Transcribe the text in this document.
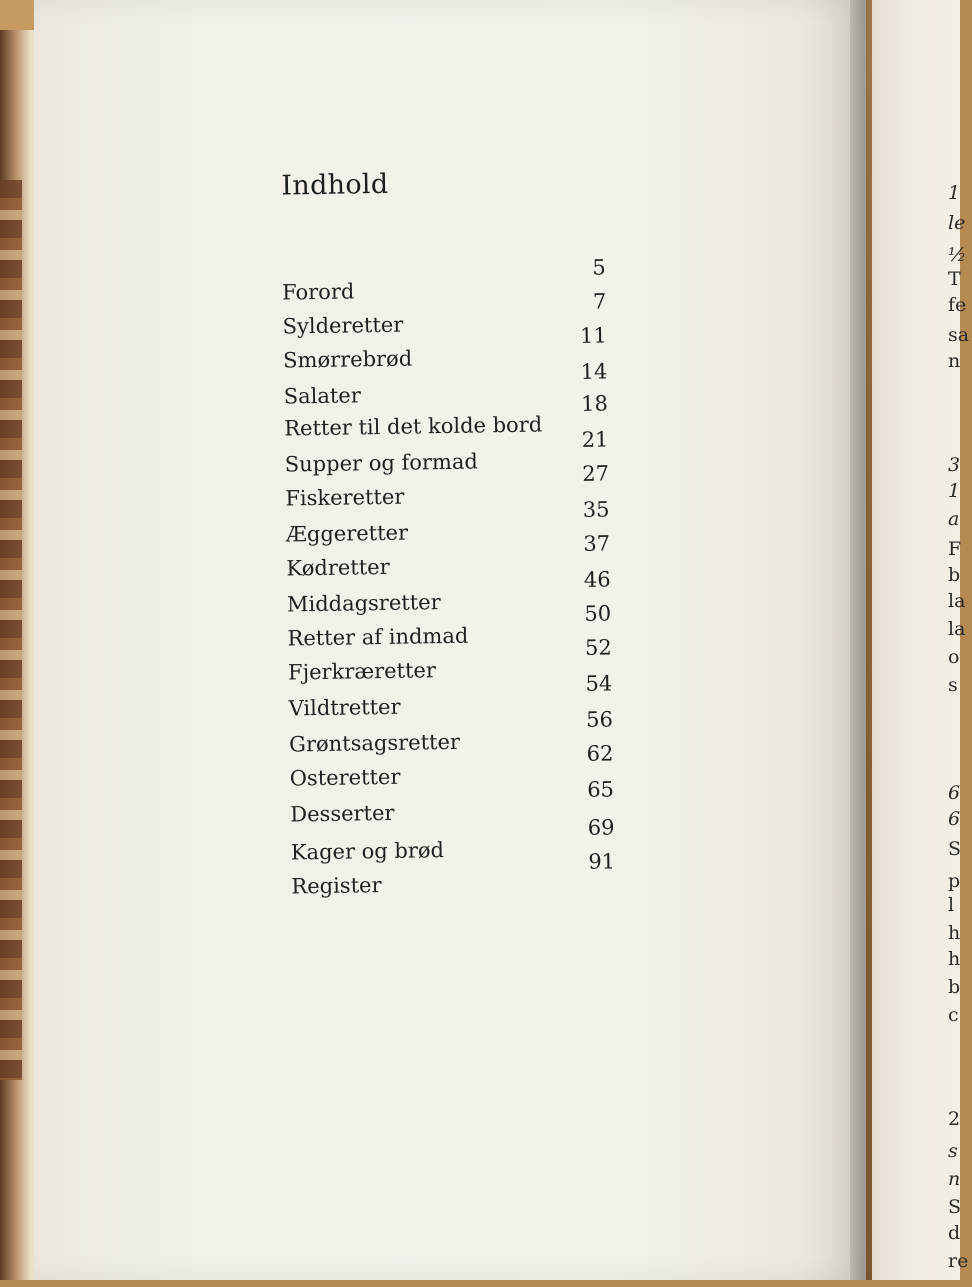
Indhold
Forord
5
Sylderetter
7
Smørrebrød
11
Salater
14
Retter til det kolde bord
18
Supper og formad
21
Fiskeretter
27
Æggeretter
35
Kødretter
37
Middagsretter
46
Retter af indmad
50
Fjerkræretter
52
Vildtretter
54
Grøntsagsretter
56
Osteretter
62
Desserter
65
Kager og brød
69
Register
91
1
le
½
T
fe
sa
n
3
1
a
F
b
la
la
o
s
6
6
S
p
l
h
h
b
c
2
s
n
S
d
re
